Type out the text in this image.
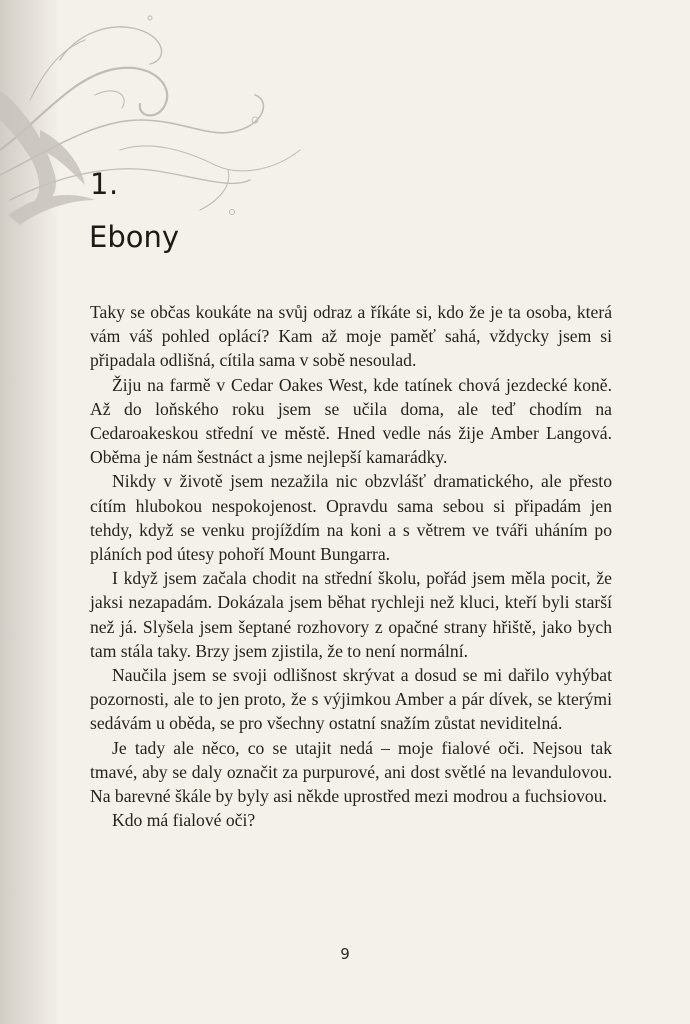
1.
Ebony

Taky se občas koukáte na svůj odraz a říkáte si, kdo že je ta osoba, která vám váš pohled oplácí? Kam až moje paměť sahá, vždycky jsem si připadala odlišná, cítila sama v sobě nesoulad.

Žiju na farmě v Cedar Oakes West, kde tatínek chová jezdecké koně. Až do loňského roku jsem se učila doma, ale teď chodím na Cedaroakeskou střední ve městě. Hned vedle nás žije Amber Langová. Oběma je nám šestnáct a jsme nejlepší kamarádky.

Nikdy v životě jsem nezažila nic obzvlášť dramatického, ale přesto cítím hlubokou nespokojenost. Opravdu sama sebou si připadám jen tehdy, když se venku projíždím na koni a s větrem ve tváři uháním po pláních pod útesy pohoří Mount Bungarra.

I když jsem začala chodit na střední školu, pořád jsem měla pocit, že jaksi nezapadám. Dokázala jsem běhat rychleji než kluci, kteří byli starší než já. Slyšela jsem šeptané rozhovory z opačné strany hřiště, jako bych tam stála taky. Brzy jsem zjistila, že to není normální.

Naučila jsem se svoji odlišnost skrývat a dosud se mi dařilo vyhýbat pozornosti, ale to jen proto, že s výjimkou Amber a pár dívek, se kterými sedávám u oběda, se pro všechny ostatní snažím zůstat neviditelná.

Je tady ale něco, co se utajit nedá – moje fialové oči. Nejsou tak tmavé, aby se daly označit za purpurové, ani dost světlé na levandulovou. Na barevné škále by byly asi někde uprostřed mezi modrou a fuchsiovou.

Kdo má fialové oči?

9
